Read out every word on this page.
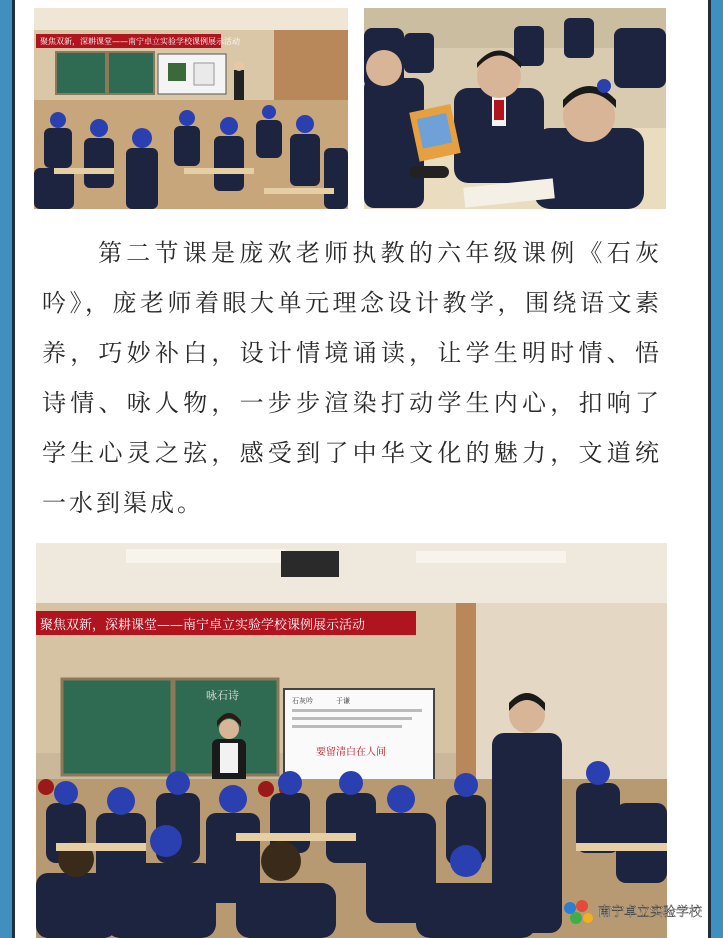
聚焦双新，深耕课堂——南宁卓立实验学校课例展示活动

第二节课是庞欢老师执教的六年级课例《石灰吟》，庞老师着眼大单元理念设计教学，围绕语文素养，巧妙补白，设计情境诵读，让学生明时情、悟诗情、咏人物，一步步渲染打动学生内心，扣响了学生心灵之弦，感受到了中华文化的魅力，文道统一水到渠成。

聚焦双新，深耕课堂——南宁卓立实验学校课例展示活动
咏石诗	石灰吟	于谦
要留清白在人间
南宁卓立实验学校
